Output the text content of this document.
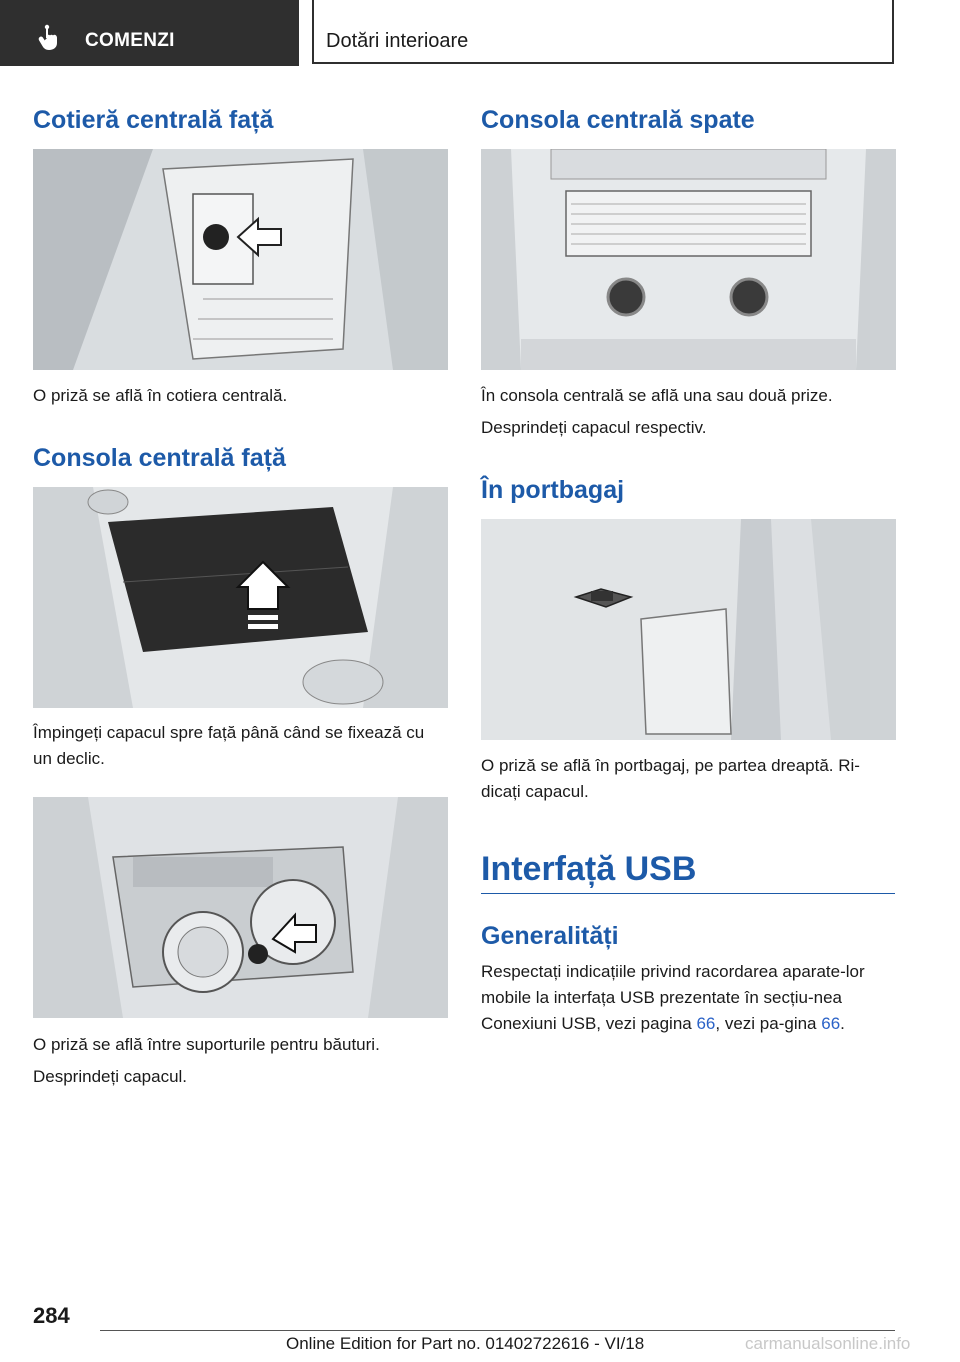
COMENZI	Dotări interioare
Cotieră centrală față
O priză se află în cotiera centrală.
Consola centrală față
Împingeți capacul spre față până când se fixează cu un declic.
O priză se află între suporturile pentru băuturi.
Desprindeți capacul.
Consola centrală spate
În consola centrală se află una sau două prize.
Desprindeți capacul respectiv.
În portbagaj
O priză se află în portbagaj, pe partea dreaptă. Ri‐dicați capacul.
Interfață USB
Generalități
Respectați indicațiile privind racordarea aparate‐lor mobile la interfața USB prezentate în secțiu‐nea Conexiuni USB, vezi pagina 66, vezi pa‐gina 66.
284
Online Edition for Part no. 01402722616 - VI/18	carmanualsonline.info
